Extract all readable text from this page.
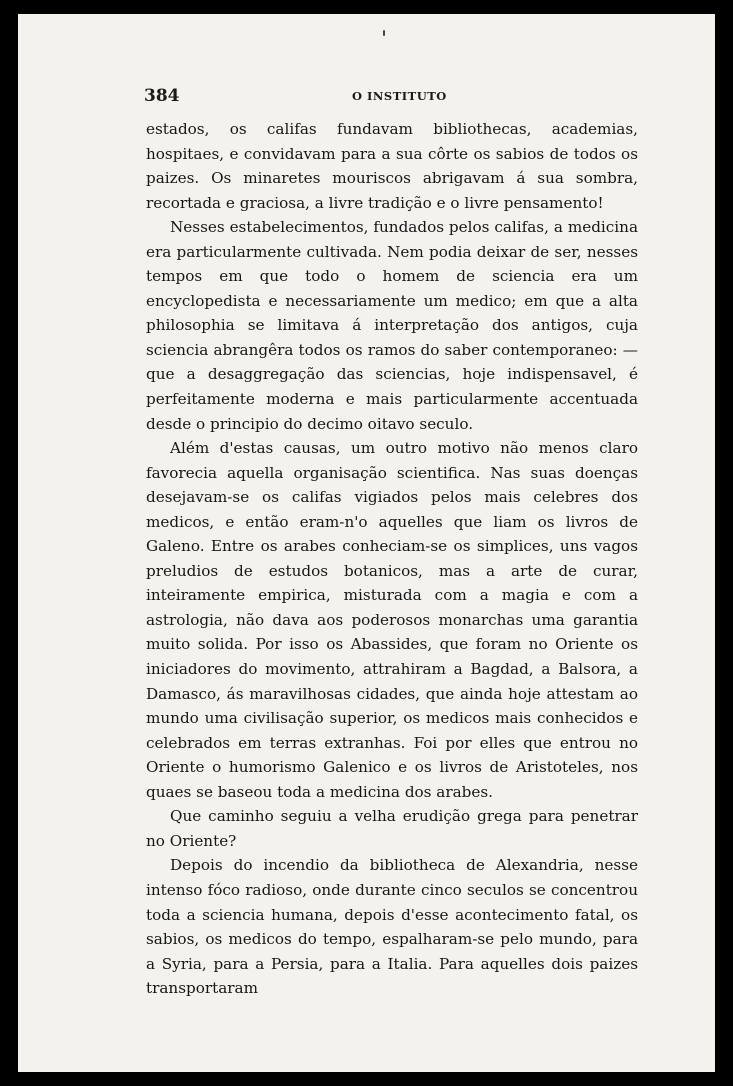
384	O INSTITUTO

estados, os califas fundavam bibliothecas, academias, hospitaes, e convidavam para a sua côrte os sabios de todos os paizes. Os minaretes mouriscos abrigavam á sua sombra, recortada e graciosa, a livre tradição e o livre pensamento!

Nesses estabelecimentos, fundados pelos califas, a medicina era particularmente cultivada. Nem podia deixar de ser, nesses tempos em que todo o homem de sciencia era um encyclopedista e necessariamente um medico; em que a alta philosophia se limitava á interpretação dos antigos, cuja sciencia abrangêra todos os ramos do saber contemporaneo: — que a desaggregação das sciencias, hoje indispensavel, é perfeitamente moderna e mais particularmente accentuada desde o principio do decimo oitavo seculo.

Além d'estas causas, um outro motivo não menos claro favorecia aquella organisação scientifica. Nas suas doenças desejavam-se os califas vigiados pelos mais celebres dos medicos, e então eram-n'o aquelles que liam os livros de Galeno. Entre os arabes conheciam-se os simplices, uns vagos preludios de estudos botanicos, mas a arte de curar, inteiramente empirica, misturada com a magia e com a astrologia, não dava aos poderosos monarchas uma garantia muito solida. Por isso os Abassides, que foram no Oriente os iniciadores do movimento, attrahiram a Bagdad, a Balsora, a Damasco, ás maravilhosas cidades, que ainda hoje attestam ao mundo uma civilisação superior, os medicos mais conhecidos e celebrados em terras extranhas. Foi por elles que entrou no Oriente o humorismo Galenico e os livros de Aristoteles, nos quaes se baseou toda a medicina dos arabes.

Que caminho seguiu a velha erudição grega para penetrar no Oriente?

Depois do incendio da bibliotheca de Alexandria, nesse intenso fóco radioso, onde durante cinco seculos se concentrou toda a sciencia humana, depois d'esse acontecimento fatal, os sabios, os medicos do tempo, espalharam-se pelo mundo, para a Syria, para a Persia, para a Italia. Para aquelles dois paizes transportaram
